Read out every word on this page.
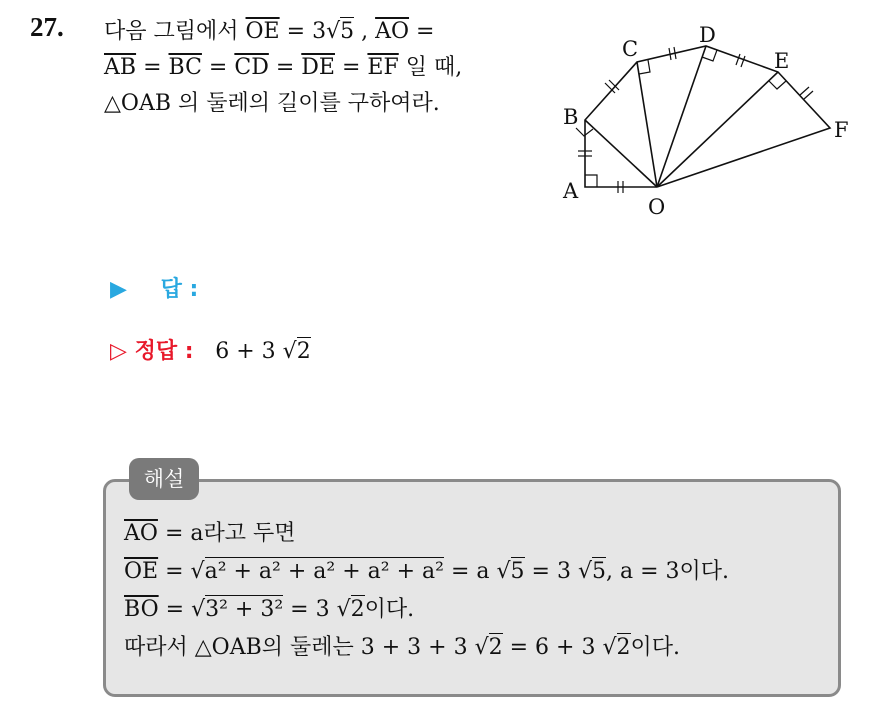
27. 다음 그림에서 $\overline{OE} = 3√5$ , $\overline{AO}$ =
$\overline{AB} = \overline{BC} = \overline{CD} = \overline{DE} = \overline{EF}$ 일 때,
△OAB 의 둘레의 길이를 구하여라.
A
B
C
D
E
F
O
▶ 답 :
▷ 정답 : 6 + 3 √2
해설
$\overline{AO} = a$라고 두면
$\overline{OE} = √a^2 + a^2 + a^2 + a^2 + a^2 = a$ √5 = 3 √5, a = 3이다.
$\overline{BO} = √3^2 + 3^2 = 3$ √2이다.
따라서 △OAB의 둘레는 3 + 3 + 3 √2 = 6 + 3 √2이다.
